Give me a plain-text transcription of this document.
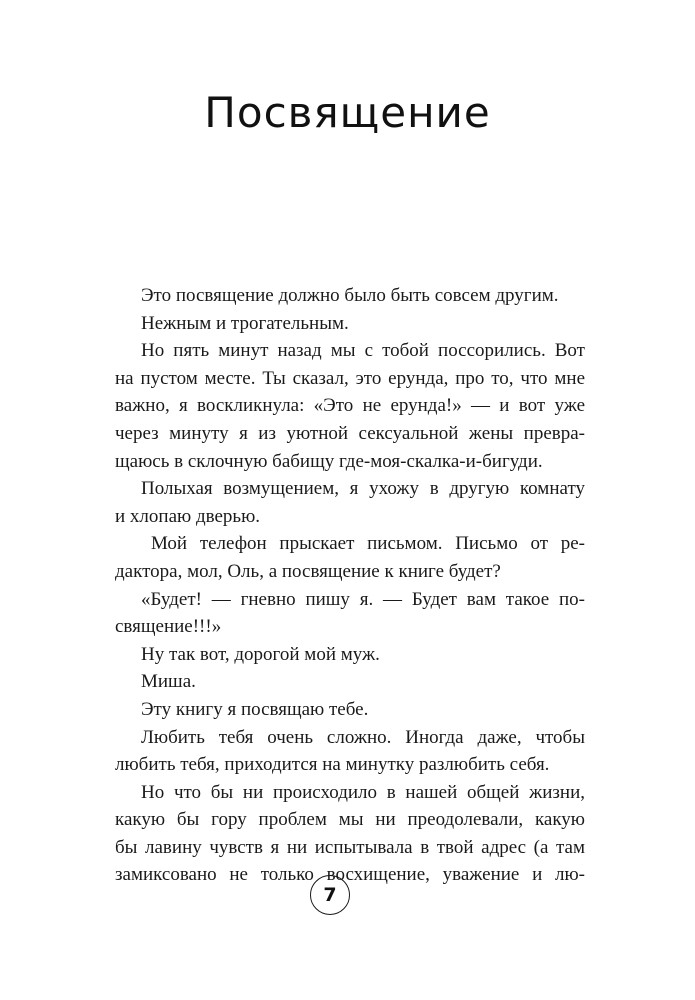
Посвящение
Это посвящение должно было быть совсем другим.
Нежным и трогательным.
Но пять минут назад мы с тобой поссорились. Вот
на пустом месте. Ты сказал, это ерунда, про то, что мне
важно, я воскликнула: «Это не ерунда!» — и вот уже
через минуту я из уютной сексуальной жены превра-
щаюсь в склочную бабищу где-моя-скалка-и-бигуди.
Полыхая возмущением, я ухожу в другую комнату
и хлопаю дверью.
Мой телефон прыскает письмом. Письмо от ре-
дактора, мол, Оль, а посвящение к книге будет?
«Будет! — гневно пишу я. — Будет вам такое по-
священие!!!»
Ну так вот, дорогой мой муж.
Миша.
Эту книгу я посвящаю тебе.
Любить тебя очень сложно. Иногда даже, чтобы
любить тебя, приходится на минутку разлюбить себя.
Но что бы ни происходило в нашей общей жизни,
какую бы гору проблем мы ни преодолевали, какую
бы лавину чувств я ни испытывала в твой адрес (а там
замиксовано не только восхищение, уважение и лю-
7
